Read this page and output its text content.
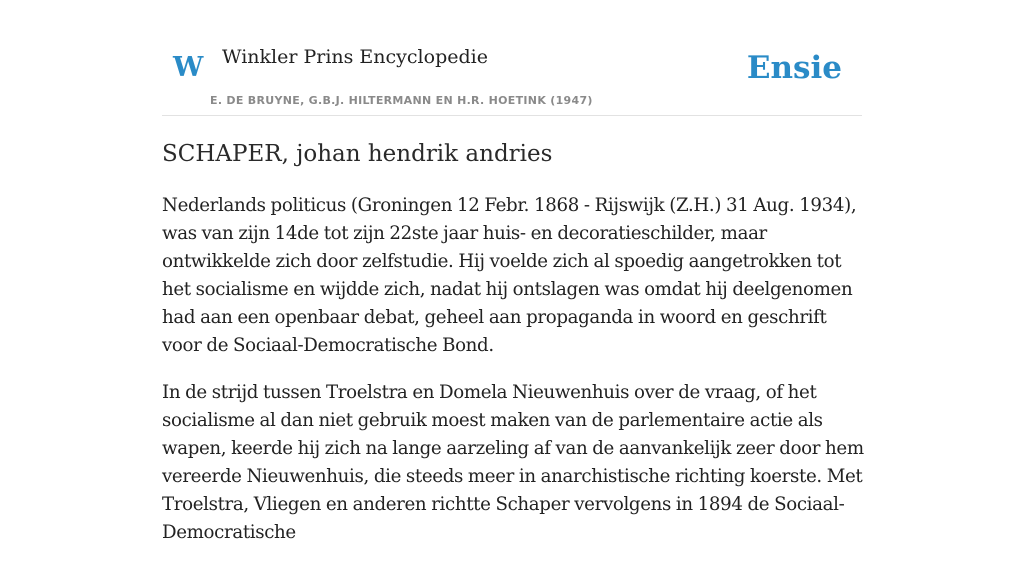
W Winkler Prins Encyclopedie
E. DE BRUYNE, G.B.J. HILTERMANN EN H.R. HOETINK (1947)
Ensie
SCHAPER, johan hendrik andries

Nederlands politicus (Groningen 12 Febr. 1868 - Rijswijk (Z.H.) 31 Aug. 1934), was van zijn 14de tot zijn 22ste jaar huis- en decoratieschilder, maar ontwikkelde zich door zelfstudie. Hij voelde zich al spoedig aangetrokken tot het socialisme en wijdde zich, nadat hij ontslagen was omdat hij deelgenomen had aan een openbaar debat, geheel aan propaganda in woord en geschrift voor de Sociaal-Democratische Bond.

In de strijd tussen Troelstra en Domela Nieuwenhuis over de vraag, of het socialisme al dan niet gebruik moest maken van de parlementaire actie als wapen, keerde hij zich na lange aarzeling af van de aanvankelijk zeer door hem vereerde Nieuwenhuis, die steeds meer in anarchistische richting koerste. Met Troelstra, Vliegen en anderen richtte Schaper vervolgens in 1894 de Sociaal-Democratische
